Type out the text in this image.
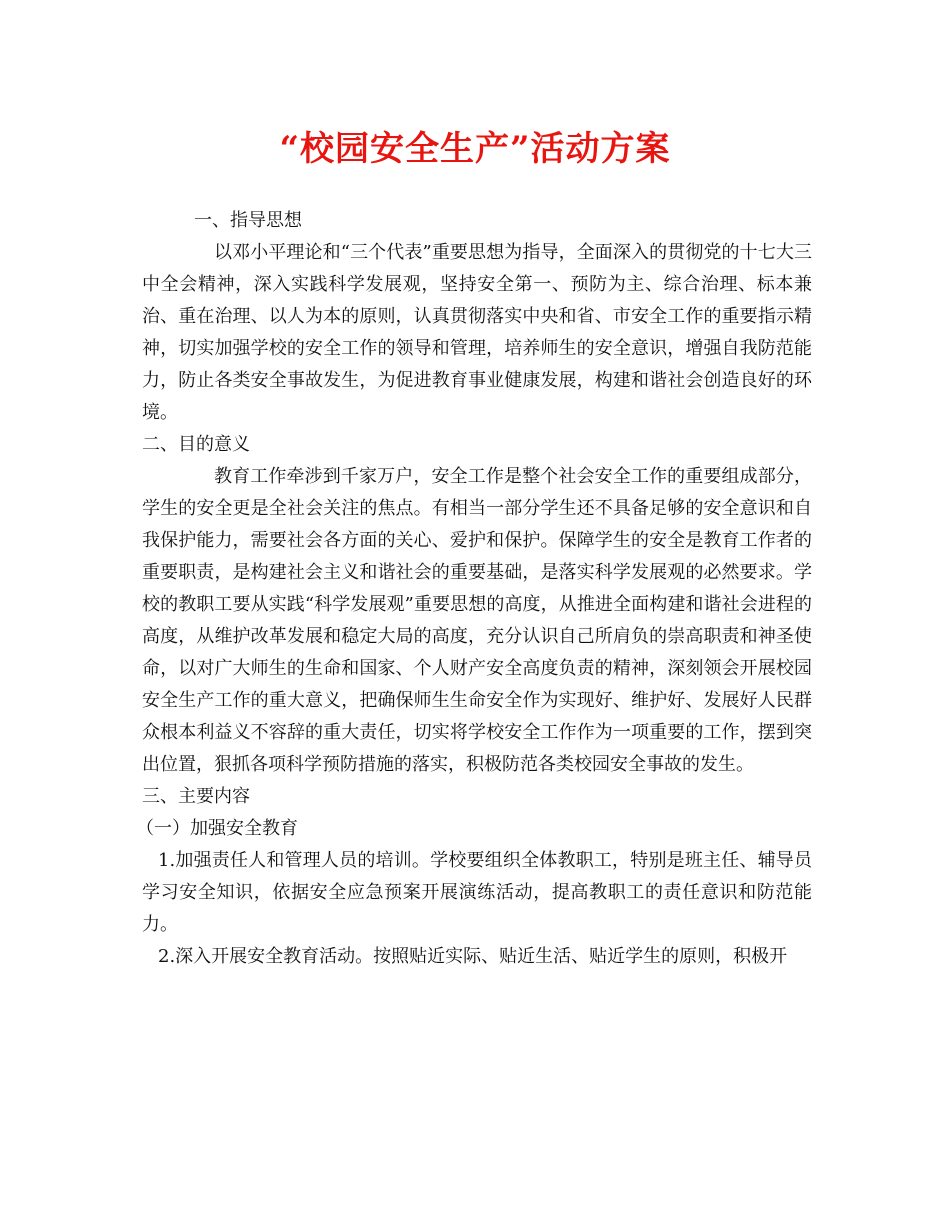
“校园安全生产”活动方案

一、指导思想

以邓小平理论和“三个代表”重要思想为指导，全面深入的贯彻党的十七大三中全会精神，深入实践科学发展观，坚持安全第一、预防为主、综合治理、标本兼治、重在治理、以人为本的原则，认真贯彻落实中央和省、市安全工作的重要指示精神，切实加强学校的安全工作的领导和管理，培养师生的安全意识，增强自我防范能力，防止各类安全事故发生，为促进教育事业健康发展，构建和谐社会创造良好的环境。

二、目的意义

教育工作牵涉到千家万户，安全工作是整个社会安全工作的重要组成部分，学生的安全更是全社会关注的焦点。有相当一部分学生还不具备足够的安全意识和自我保护能力，需要社会各方面的关心、爱护和保护。保障学生的安全是教育工作者的重要职责，是构建社会主义和谐社会的重要基础，是落实科学发展观的必然要求。学校的教职工要从实践“科学发展观”重要思想的高度，从推进全面构建和谐社会进程的高度，从维护改革发展和稳定大局的高度，充分认识自己所肩负的崇高职责和神圣使命，以对广大师生的生命和国家、个人财产安全高度负责的精神，深刻领会开展校园安全生产工作的重大意义，把确保师生生命安全作为实现好、维护好、发展好人民群众根本利益义不容辞的重大责任，切实将学校安全工作作为一项重要的工作，摆到突出位置，狠抓各项科学预防措施的落实，积极防范各类校园安全事故的发生。

三、主要内容

（一）加强安全教育

1.加强责任人和管理人员的培训。学校要组织全体教职工，特别是班主任、辅导员学习安全知识，依据安全应急预案开展演练活动，提高教职工的责任意识和防范能力。

2.深入开展安全教育活动。按照贴近实际、贴近生活、贴近学生的原则，积极开
